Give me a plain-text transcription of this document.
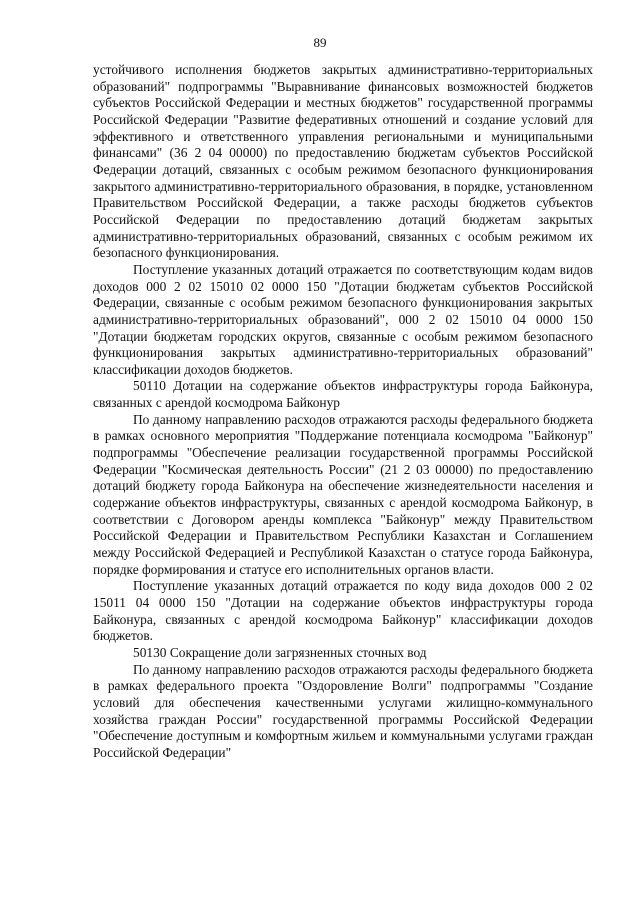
89

устойчивого исполнения бюджетов закрытых административно-территориальных образований" подпрограммы "Выравнивание финансовых возможностей бюджетов субъектов Российской Федерации и местных бюджетов" государственной программы Российской Федерации "Развитие федеративных отношений и создание условий для эффективного и ответственного управления региональными и муниципальными финансами" (36 2 04 00000) по предоставлению бюджетам субъектов Российской Федерации дотаций, связанных с особым режимом безопасного функционирования закрытого административно-территориального образования, в порядке, установленном Правительством Российской Федерации, а также расходы бюджетов субъектов Российской Федерации по предоставлению дотаций бюджетам закрытых административно-территориальных образований, связанных с особым режимом их безопасного функционирования.

Поступление указанных дотаций отражается по соответствующим кодам видов доходов 000 2 02 15010 02 0000 150 "Дотации бюджетам субъектов Российской Федерации, связанные с особым режимом безопасного функционирования закрытых административно-территориальных образований", 000 2 02 15010 04 0000 150 "Дотации бюджетам городских округов, связанные с особым режимом безопасного функционирования закрытых административно-территориальных образований" классификации доходов бюджетов.

50110 Дотации на содержание объектов инфраструктуры города Байконура, связанных с арендой космодрома Байконур

По данному направлению расходов отражаются расходы федерального бюджета в рамках основного мероприятия "Поддержание потенциала космодрома "Байконур" подпрограммы "Обеспечение реализации государственной программы Российской Федерации "Космическая деятельность России" (21 2 03 00000) по предоставлению дотаций бюджету города Байконура на обеспечение жизнедеятельности населения и содержание объектов инфраструктуры, связанных с арендой космодрома Байконур, в соответствии с Договором аренды комплекса "Байконур" между Правительством Российской Федерации и Правительством Республики Казахстан и Соглашением между Российской Федерацией и Республикой Казахстан о статусе города Байконура, порядке формирования и статусе его исполнительных органов власти.

Поступление указанных дотаций отражается по коду вида доходов 000 2 02 15011 04 0000 150 "Дотации на содержание объектов инфраструктуры города Байконура, связанных с арендой космодрома Байконур" классификации доходов бюджетов.

50130 Сокращение доли загрязненных сточных вод

По данному направлению расходов отражаются расходы федерального бюджета в рамках федерального проекта "Оздоровление Волги" подпрограммы "Создание условий для обеспечения качественными услугами жилищно-коммунального хозяйства граждан России" государственной программы Российской Федерации "Обеспечение доступным и комфортным жильем и коммунальными услугами граждан Российской Федерации"
